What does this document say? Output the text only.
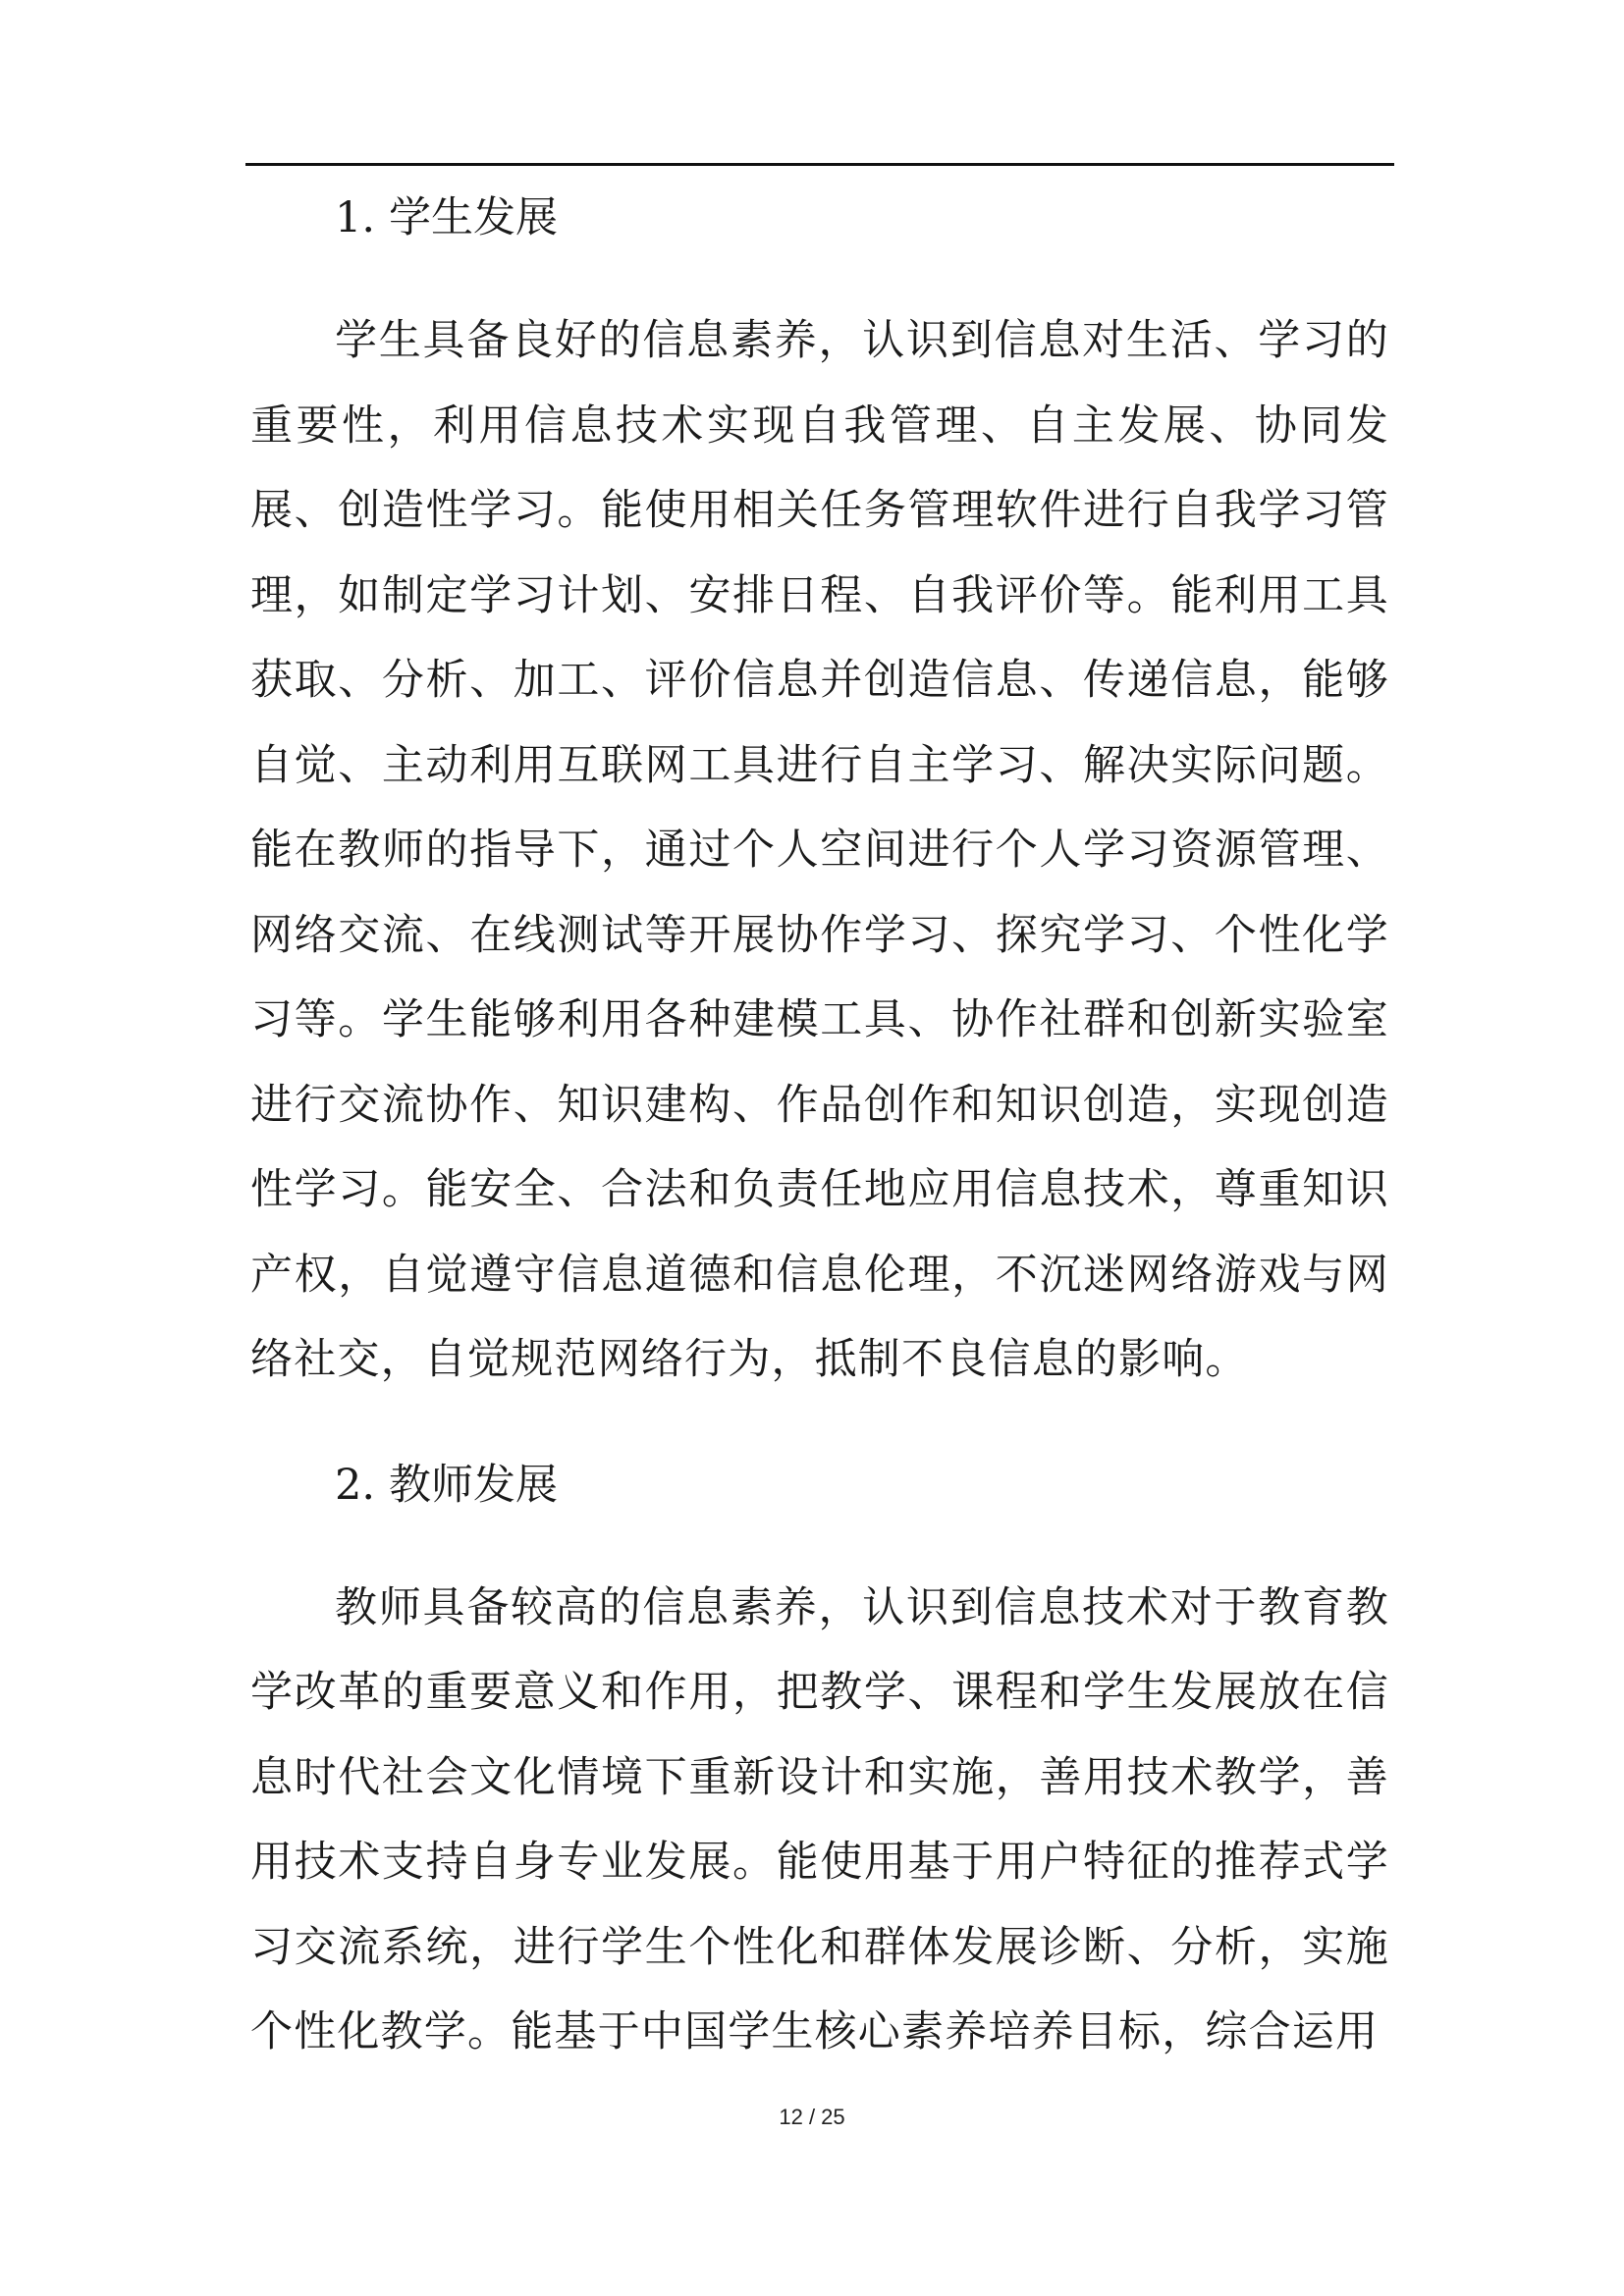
1. 学生发展

学生具备良好的信息素养，认识到信息对生活、学习的重要性，利用信息技术实现自我管理、自主发展、协同发展、创造性学习。能使用相关任务管理软件进行自我学习管理，如制定学习计划、安排日程、自我评价等。能利用工具获取、分析、加工、评价信息并创造信息、传递信息，能够自觉、主动利用互联网工具进行自主学习、解决实际问题。能在教师的指导下，通过个人空间进行个人学习资源管理、网络交流、在线测试等开展协作学习、探究学习、个性化学习等。学生能够利用各种建模工具、协作社群和创新实验室进行交流协作、知识建构、作品创作和知识创造，实现创造性学习。能安全、合法和负责任地应用信息技术，尊重知识产权，自觉遵守信息道德和信息伦理，不沉迷网络游戏与网络社交，自觉规范网络行为，抵制不良信息的影响。

2. 教师发展

教师具备较高的信息素养，认识到信息技术对于教育教学改革的重要意义和作用，把教学、课程和学生发展放在信息时代社会文化情境下重新设计和实施，善用技术教学，善用技术支持自身专业发展。能使用基于用户特征的推荐式学习交流系统，进行学生个性化和群体发展诊断、分析，实施个性化教学。能基于中国学生核心素养培养目标，综合运用

12 / 25
